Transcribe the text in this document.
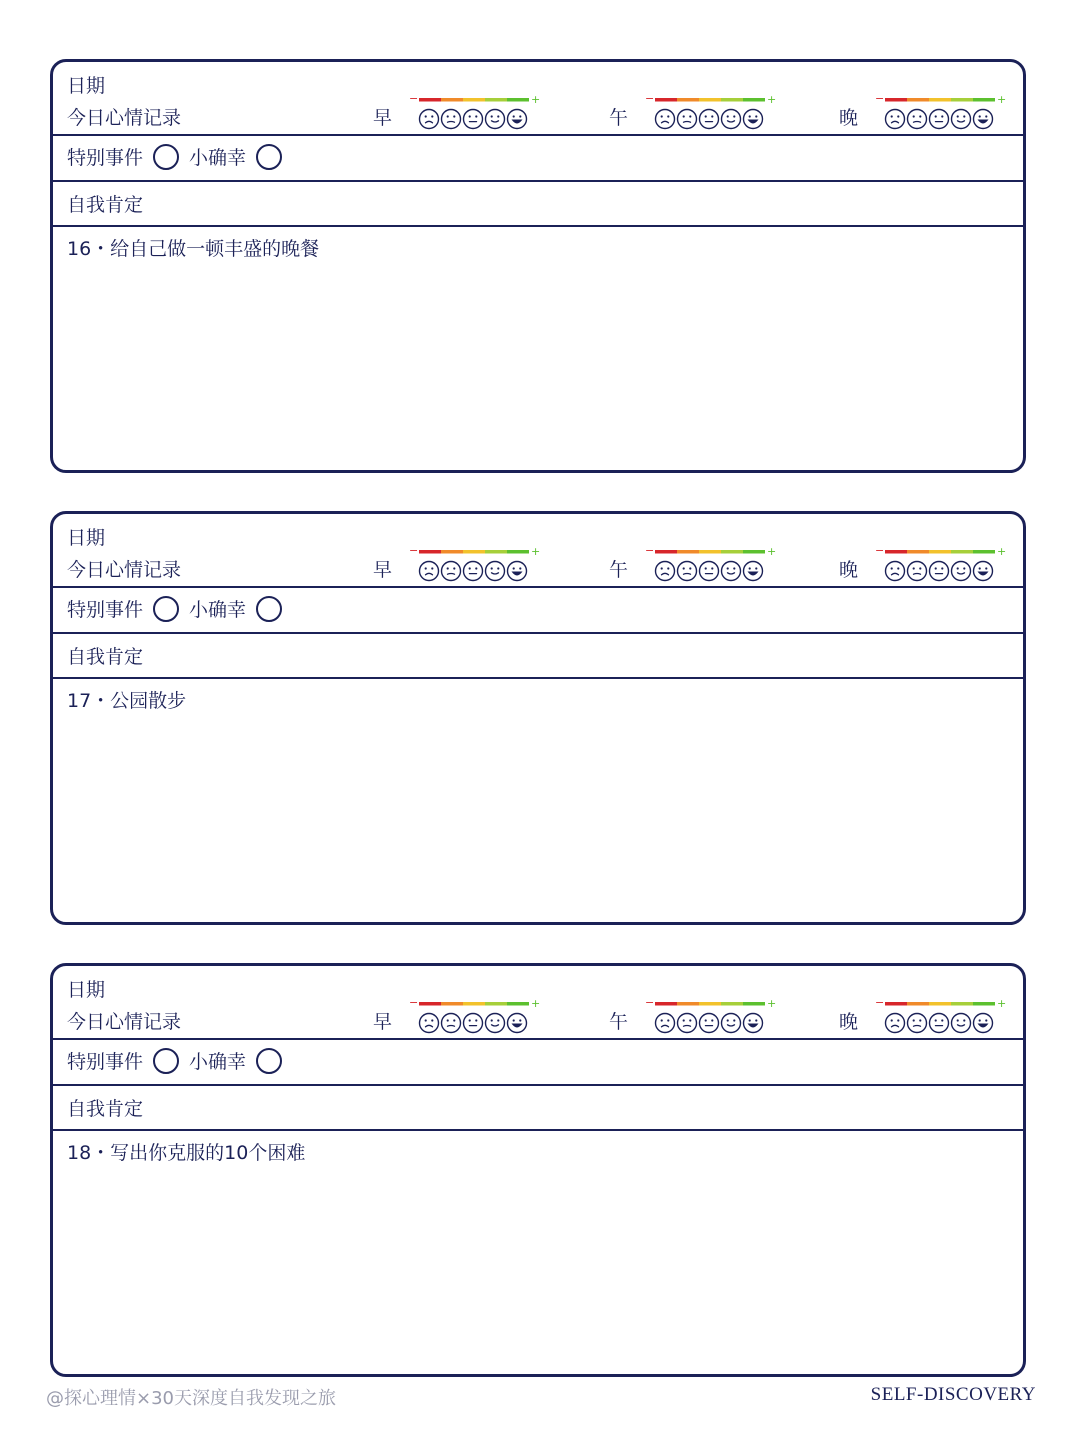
日期
今日心情记录	早
−	+
午
−	+
晚
−	+
特别事件 小确幸
自我肯定
16・给自己做一顿丰盛的晚餐
日期
今日心情记录	早
−	+
午
−	+
晚
−	+
特别事件 小确幸
自我肯定
17・公园散步
日期
今日心情记录	早
−	+
午
−	+
晚
−	+
特别事件 小确幸
自我肯定
18・写出你克服的10个困难
@探心理情×30天深度自我发现之旅	SELF-DISCOVERY
